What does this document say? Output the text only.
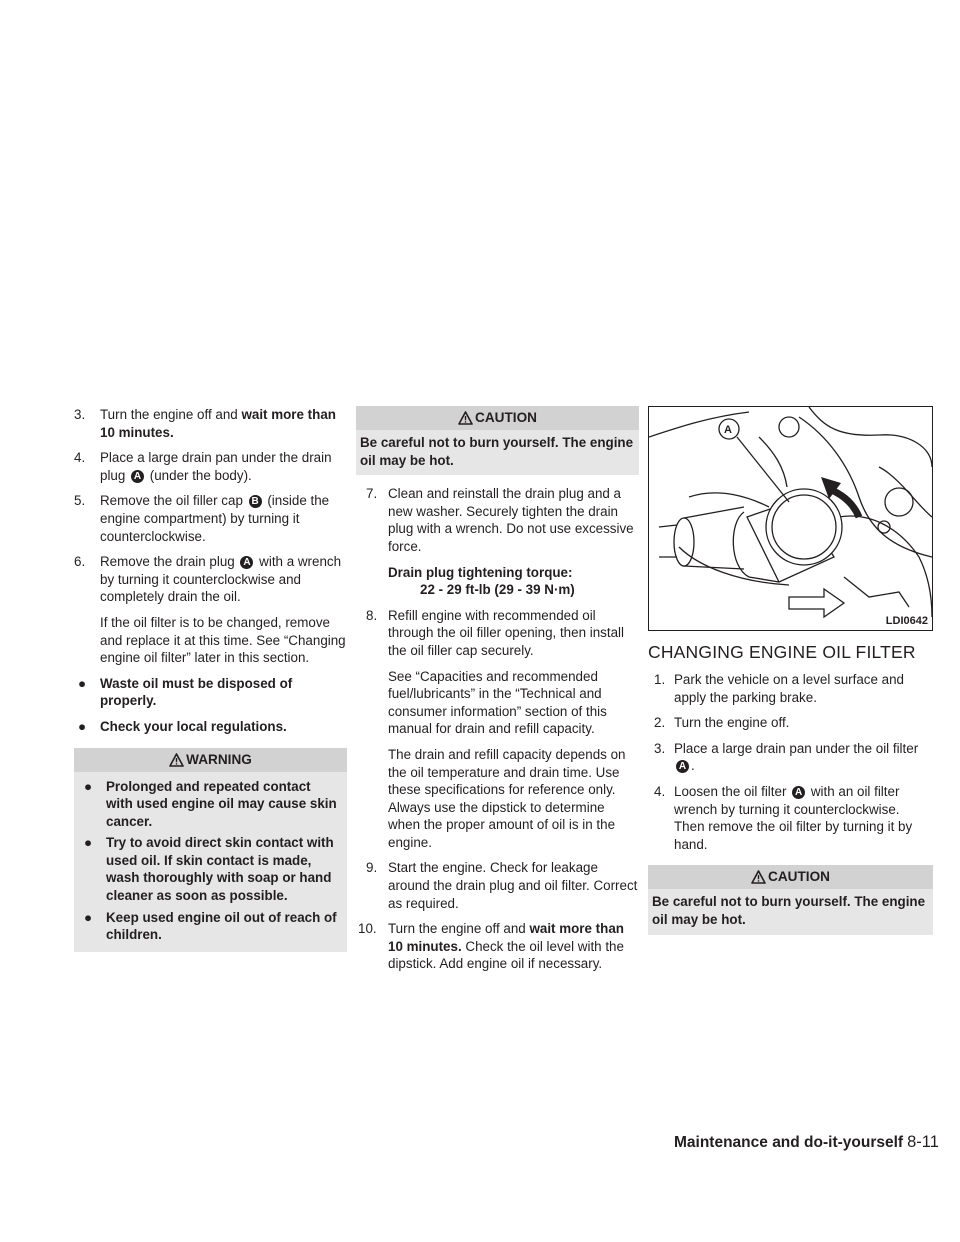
3. Turn the engine off and wait more than 10 minutes.
4. Place a large drain pan under the drain plug A (under the body).
5. Remove the oil filler cap B (inside the engine compartment) by turning it counterclockwise.
6. Remove the drain plug A with a wrench by turning it counterclockwise and completely drain the oil.

If the oil filter is to be changed, remove and replace it at this time. See “Changing engine oil filter” later in this section.

● Waste oil must be disposed of properly.
● Check your local regulations.
WARNING
● Prolonged and repeated contact with used engine oil may cause skin cancer.
● Try to avoid direct skin contact with used oil. If skin contact is made, wash thoroughly with soap or hand cleaner as soon as possible.
● Keep used engine oil out of reach of children.
CAUTION
Be careful not to burn yourself. The engine oil may be hot.
7. Clean and reinstall the drain plug and a new washer. Securely tighten the drain plug with a wrench. Do not use excessive force.

Drain plug tightening torque:
22 - 29 ft-lb (29 - 39 N·m)
8. Refill engine with recommended oil through the oil filler opening, then install the oil filler cap securely.

See “Capacities and recommended fuel/lubricants” in the “Technical and consumer information” section of this manual for drain and refill capacity.

The drain and refill capacity depends on the oil temperature and drain time. Use these specifications for reference only. Always use the dipstick to determine when the proper amount of oil is in the engine.

9. Start the engine. Check for leakage around the drain plug and oil filter. Correct as required.
10. Turn the engine off and wait more than 10 minutes. Check the oil level with the dipstick. Add engine oil if necessary.
A
LDI0642
CHANGING ENGINE OIL FILTER
1. Park the vehicle on a level surface and apply the parking brake.
2. Turn the engine off.
3. Place a large drain pan under the oil filter A .
4. Loosen the oil filter A with an oil filter wrench by turning it counterclockwise. Then remove the oil filter by turning it by hand.
CAUTION
Be careful not to burn yourself. The engine oil may be hot.
Maintenance and do-it-yourself 8-11
